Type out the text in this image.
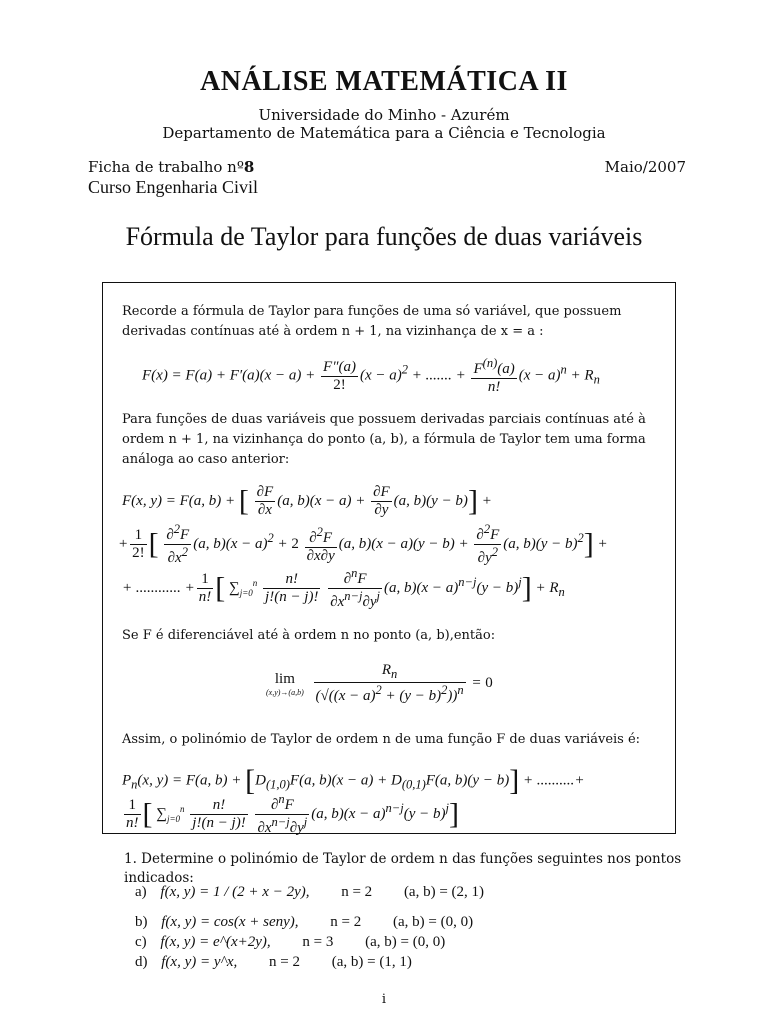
ANÁLISE MATEMÁTICA II
Universidade do Minho - Azurém
Departamento de Matemática para a Ciência e Tecnologia
Ficha de trabalho nº8	Maio/2007
Curso Engenharia Civil
Fórmula de Taylor para funções de duas variáveis
Recorde a fórmula de Taylor para funções de uma só variável, que possuem
derivadas contínuas até à ordem n + 1, na vizinhança de x = a :
$F(x) = F(a) + F'(a)(x - a) + \frac{F''(a)}{2!} (x - a)^2$ + ....... + $\frac{F^{(n)}(a)}{n!} (x - a)^n + R_n$
Para funções de duas variáveis que possuem derivadas parciais contínuas até à
ordem n + 1, na vizinhança do ponto (a, b), a fórmula de Taylor tem uma forma
análoga ao caso anterior:
F(x, y) = F(a, b) + [ $\frac{\partial F}{\partial x} (a$, $b)(x - a) + \frac{\partial F}{\partial y} (a$, b)(y − b)] +
+ $\frac{1}{2!}$ [ $\frac{\partial^2F}{\partial x^2} (a$, $b)(x - a)^2 + 2 \frac{\partial^2F}{\partial x\partial y} (a$, $b)(x - a)(y - b) + \frac{\partial^2F}{\partial y^2} (a$, $b)(y - b)^2$] +
+ ............ + $\frac{1}{n!}$ [ $\sum_{j=0}^n \frac{n!}{j!(n - j)!}$
$\frac{\partial^nF}{\partial x^{n-j}\partial y^j} (a$, $b)(x - a)^{n-j}(y - b)^j] + R_n$
Se F é diferenciável até à ordem n no ponto (a, b),então:
lim
(x,y)→(a,b)
$\frac{R_n}{(√((x - a)^2 + (y - b)^2))^n} = 0$
Assim, o polinómio de Taylor de ordem n de uma função F de duas variáveis é:
$P_n(x$, y) = F(a, $b) + [D_{(1,0)}F(a$, $b)(x - a) + D_{(0,1)}F(a$, b)(y − b)] + ..........+
$\frac{1}{n!}$ [ $\sum_{j=0}^n \frac{n!}{j!(n - j)!}$
$\frac{\partial^nF}{\partial x^{n-j}\partial y^j} (a$, $b)(x - a)^{n-j}(y - b)^j$]
1. Determine o polinómio de Taylor de ordem n das funções seguintes nos pontos
indicados:
a) f(x, y) = 1 / (2 + x − 2y), n = 2 (a, b) = (2, 1)
b) f(x, y) = cos(x + seny), n = 2 (a, b) = (0, 0)
c) f(x, y) = e^(x+2y), n = 3 (a, b) = (0, 0)
d) f(x, y) = y^x, n = 2 (a, b) = (1, 1)
i
